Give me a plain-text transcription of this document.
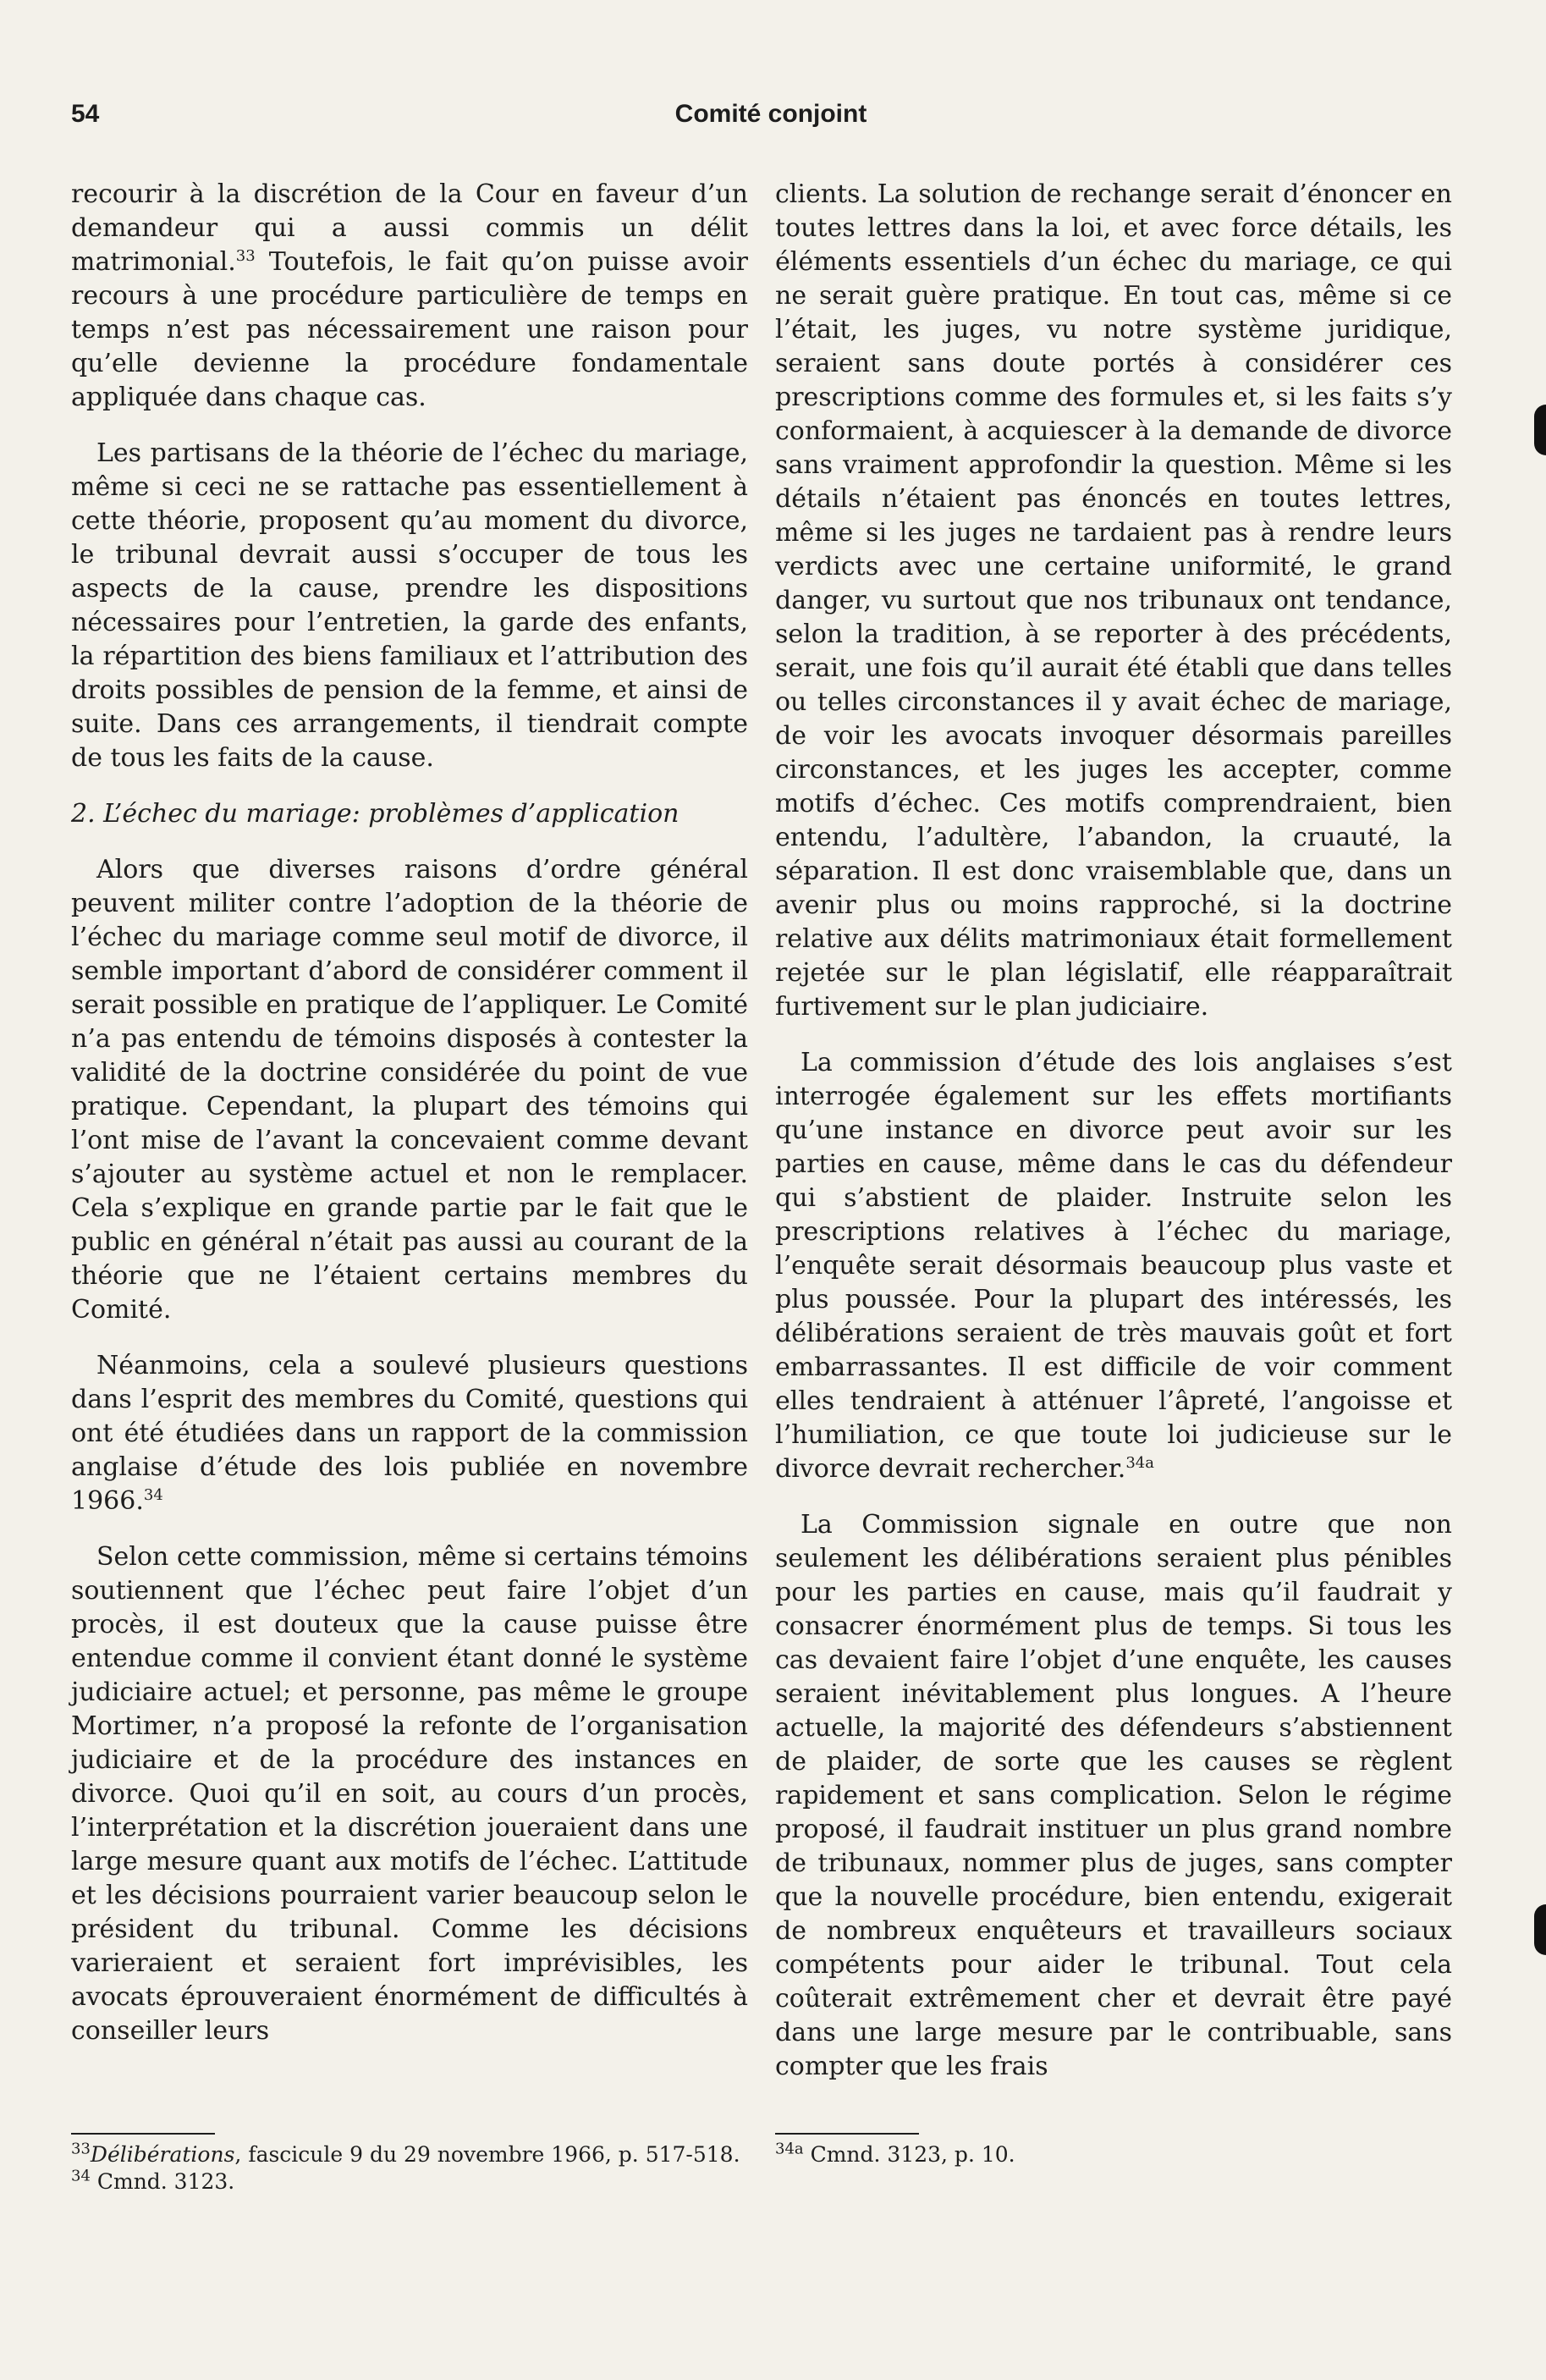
54	Comité conjoint

recourir à la discrétion de la Cour en faveur d’un demandeur qui a aussi commis un délit matrimonial.$^{33}$ Toutefois, le fait qu’on puisse avoir recours à une procédure particulière de temps en temps n’est pas nécessairement une raison pour qu’elle devienne la procédure fondamentale appliquée dans chaque cas.

Les partisans de la théorie de l’échec du mariage, même si ceci ne se rattache pas essentiellement à cette théorie, proposent qu’au moment du divorce, le tribunal devrait aussi s’occuper de tous les aspects de la cause, prendre les dispositions nécessaires pour l’entretien, la garde des enfants, la répartition des biens familiaux et l’attribution des droits possibles de pension de la femme, et ainsi de suite. Dans ces arrangements, il tiendrait compte de tous les faits de la cause.

2. L’échec du mariage: problèmes d’application

Alors que diverses raisons d’ordre général peuvent militer contre l’adoption de la théorie de l’échec du mariage comme seul motif de divorce, il semble important d’abord de considérer comment il serait possible en pratique de l’appliquer. Le Comité n’a pas entendu de témoins disposés à contester la validité de la doctrine considérée du point de vue pratique. Cependant, la plupart des témoins qui l’ont mise de l’avant la concevaient comme devant s’ajouter au système actuel et non le remplacer. Cela s’explique en grande partie par le fait que le public en général n’était pas aussi au courant de la théorie que ne l’étaient certains membres du Comité.

Néanmoins, cela a soulevé plusieurs questions dans l’esprit des membres du Comité, questions qui ont été étudiées dans un rapport de la commission anglaise d’étude des lois publiée en novembre 1966.34

Selon cette commission, même si certains témoins soutiennent que l’échec peut faire l’objet d’un procès, il est douteux que la cause puisse être entendue comme il convient étant donné le système judiciaire actuel; et personne, pas même le groupe Mortimer, n’a proposé la refonte de l’organisation judiciaire et de la procédure des instances en divorce. Quoi qu’il en soit, au cours d’un procès, l’interprétation et la discrétion joueraient dans une large mesure quant aux motifs de l’échec. L’attitude et les décisions pourraient varier beaucoup selon le président du tribunal. Comme les décisions varieraient et seraient fort imprévisibles, les avocats éprouveraient énormément de difficultés à conseiller leurs

clients. La solution de rechange serait d’énoncer en toutes lettres dans la loi, et avec force détails, les éléments essentiels d’un échec du mariage, ce qui ne serait guère pratique. En tout cas, même si ce l’était, les juges, vu notre système juridique, seraient sans doute portés à considérer ces prescriptions comme des formules et, si les faits s’y conformaient, à acquiescer à la demande de divorce sans vraiment approfondir la question. Même si les détails n’étaient pas énoncés en toutes lettres, même si les juges ne tardaient pas à rendre leurs verdicts avec une certaine uniformité, le grand danger, vu surtout que nos tribunaux ont tendance, selon la tradition, à se reporter à des précédents, serait, une fois qu’il aurait été établi que dans telles ou telles circonstances il y avait échec de mariage, de voir les avocats invoquer désormais pareilles circonstances, et les juges les accepter, comme motifs d’échec. Ces motifs comprendraient, bien entendu, l’adultère, l’abandon, la cruauté, la séparation. Il est donc vraisemblable que, dans un avenir plus ou moins rapproché, si la doctrine relative aux délits matrimoniaux était formellement rejetée sur le plan législatif, elle réapparaîtrait furtivement sur le plan judiciaire.

La commission d’étude des lois anglaises s’est interrogée également sur les effets mortifiants qu’une instance en divorce peut avoir sur les parties en cause, même dans le cas du défendeur qui s’abstient de plaider. Instruite selon les prescriptions relatives à l’échec du mariage, l’enquête serait désormais beaucoup plus vaste et plus poussée. Pour la plupart des intéressés, les délibérations seraient de très mauvais goût et fort embarrassantes. Il est difficile de voir comment elles tendraient à atténuer l’âpreté, l’angoisse et l’humiliation, ce que toute loi judicieuse sur le divorce devrait rechercher.$^{34a}$

La Commission signale en outre que non seulement les délibérations seraient plus pénibles pour les parties en cause, mais qu’il faudrait y consacrer énormément plus de temps. Si tous les cas devaient faire l’objet d’une enquête, les causes seraient inévitablement plus longues. A l’heure actuelle, la majorité des défendeurs s’abstiennent de plaider, de sorte que les causes se règlent rapidement et sans complication. Selon le régime proposé, il faudrait instituer un plus grand nombre de tribunaux, nommer plus de juges, sans compter que la nouvelle procédure, bien entendu, exigerait de nombreux enquêteurs et travailleurs sociaux compétents pour aider le tribunal. Tout cela coûterait extrêmement cher et devrait être payé dans une large mesure par le contribuable, sans compter que les frais

$^{33}$Délibérations, fascicule 9 du 29 novembre 1966, p. 517-518.

$^{34}$ Cmnd. 3123.

$^{34a}$ Cmnd. 3123, p. 10.
